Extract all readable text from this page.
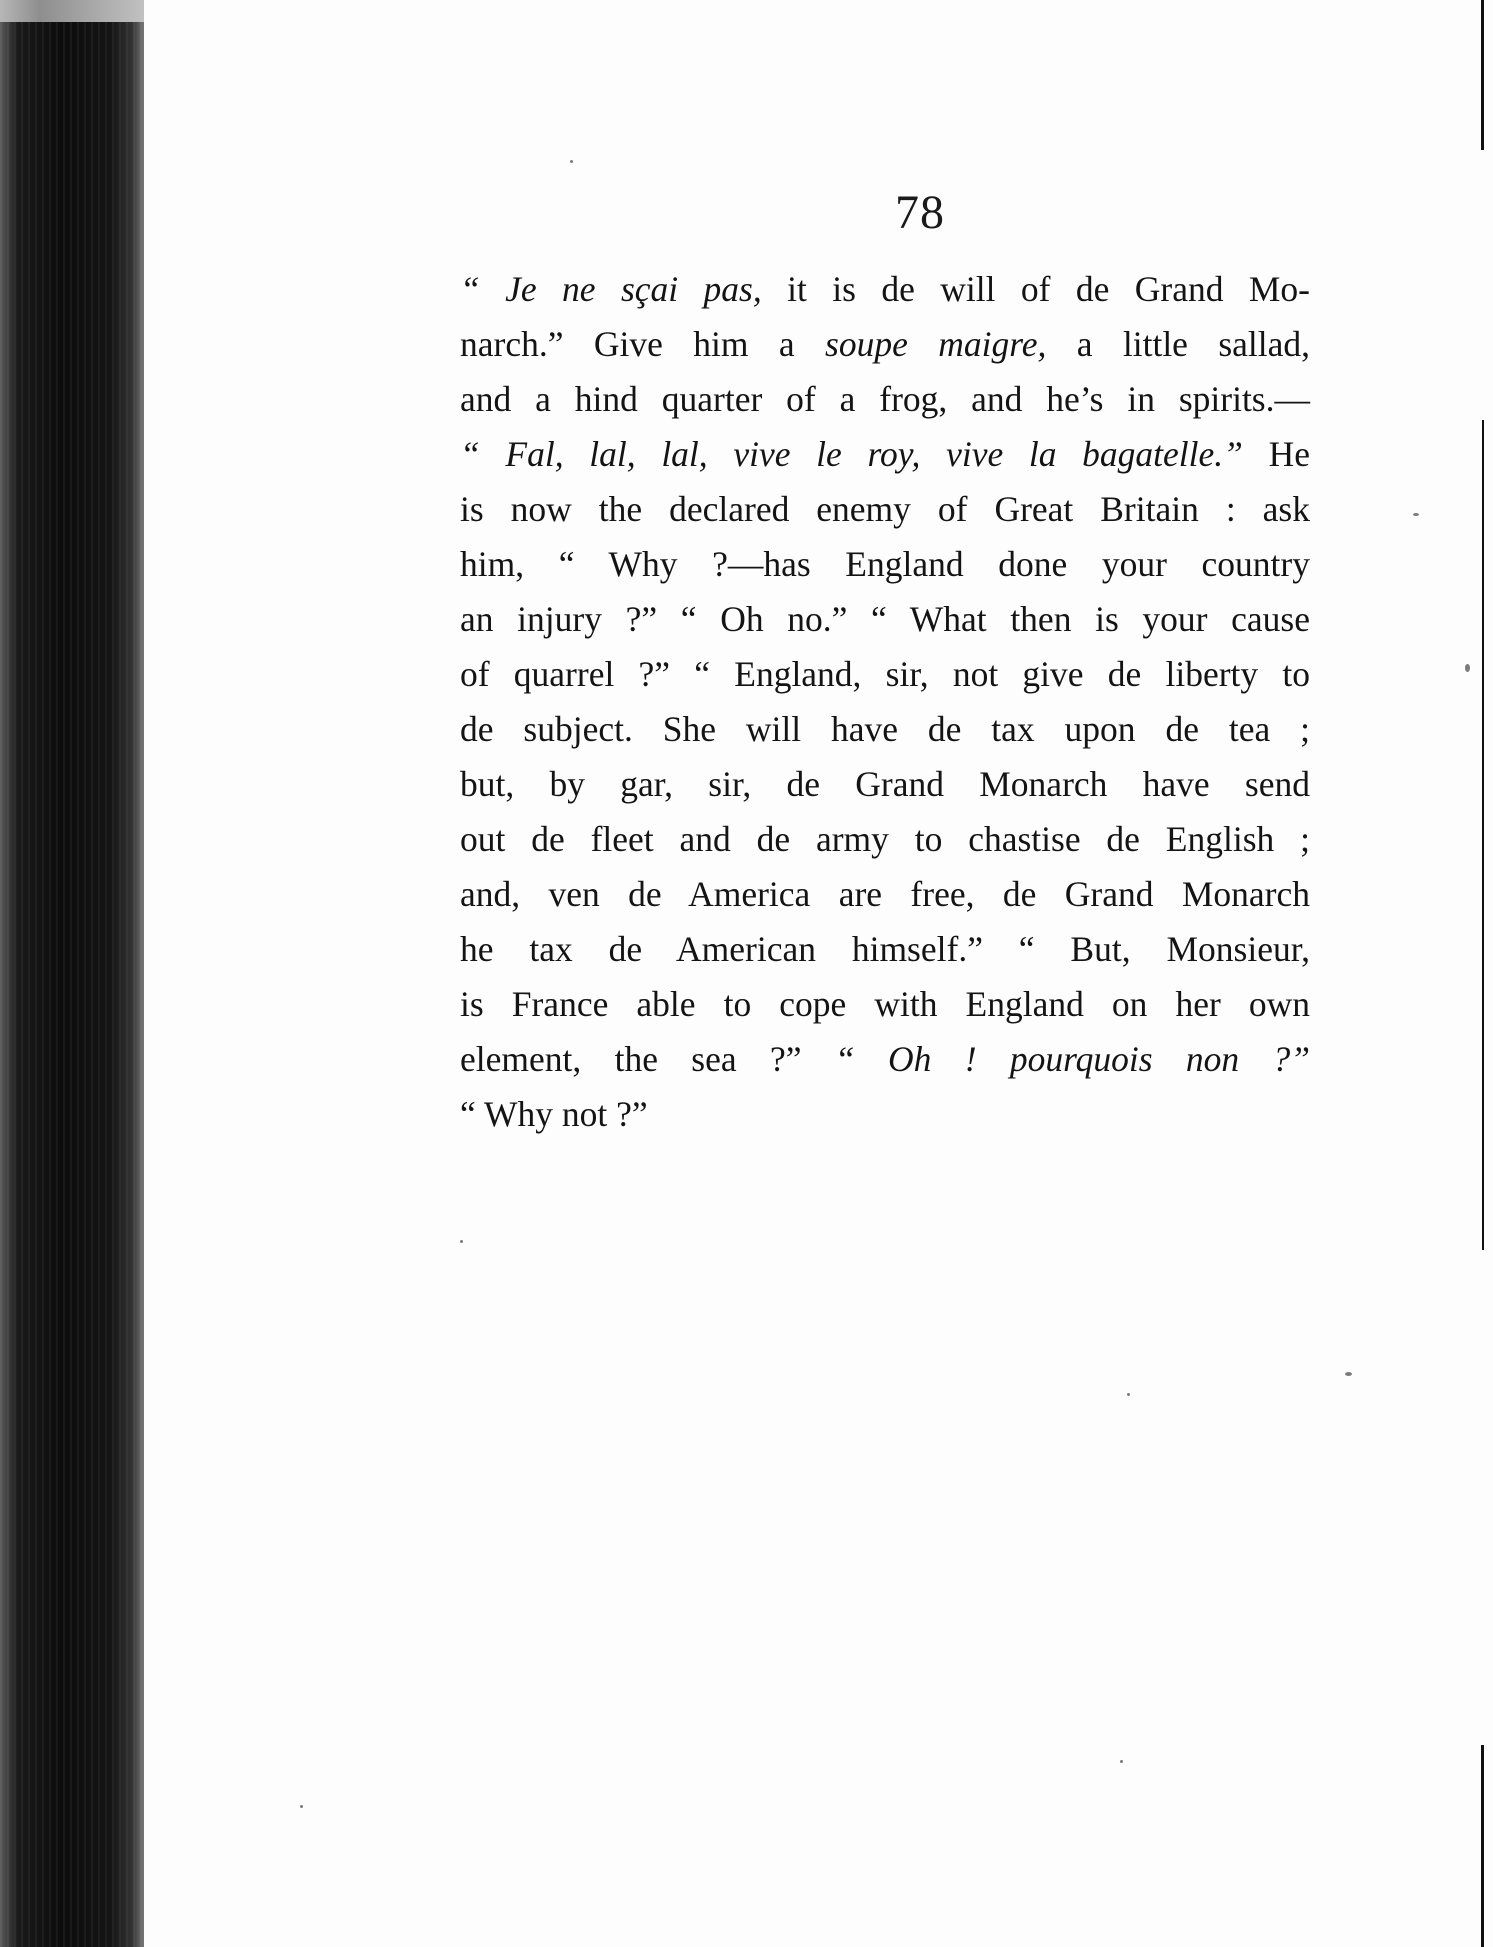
78
“ Je ne sçai pas, it is de will of de Grand Mo-
narch.” Give him a soupe maigre, a little sallad,
and a hind quarter of a frog, and he’s in spirits.—
“ Fal, lal, lal, vive le roy, vive la bagatelle.” He
is now the declared enemy of Great Britain : ask
him, “ Why ?—has England done your country
an injury ?” “ Oh no.” “ What then is your cause
of quarrel ?” “ England, sir, not give de liberty to
de subject. She will have de tax upon de tea ;
but, by gar, sir, de Grand Monarch have send
out de fleet and de army to chastise de English ;
and, ven de America are free, de Grand Monarch
he tax de American himself.” “ But, Monsieur,
is France able to cope with England on her own
element, the sea ?” “ Oh ! pourquois non ?”
“ Why not ?”
